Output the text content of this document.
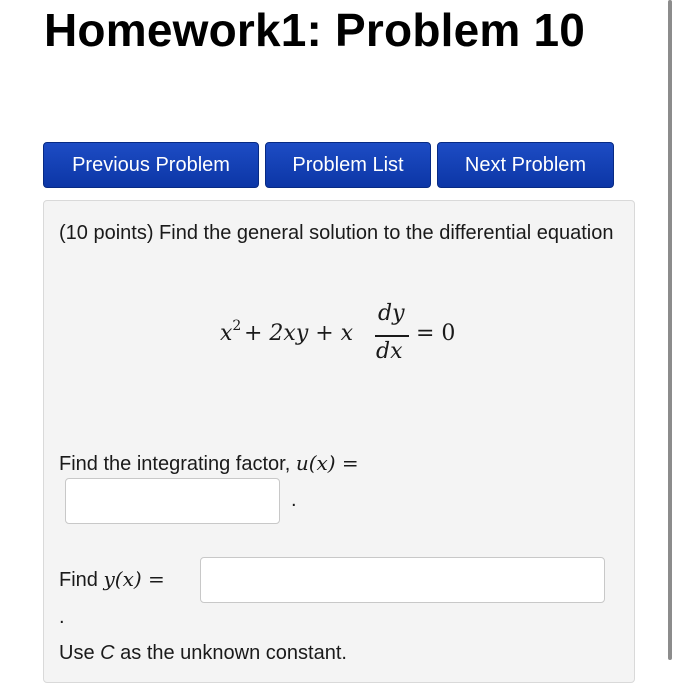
Homework1: Problem 10
Previous Problem	Problem List	Next Problem
(10 points) Find the general solution to the differential equation
$x^2 + 2xy + x$
dy
dx
= 0
Find the integrating factor, u(x) =
.
Find y(x) =
.
Use C as the unknown constant.
